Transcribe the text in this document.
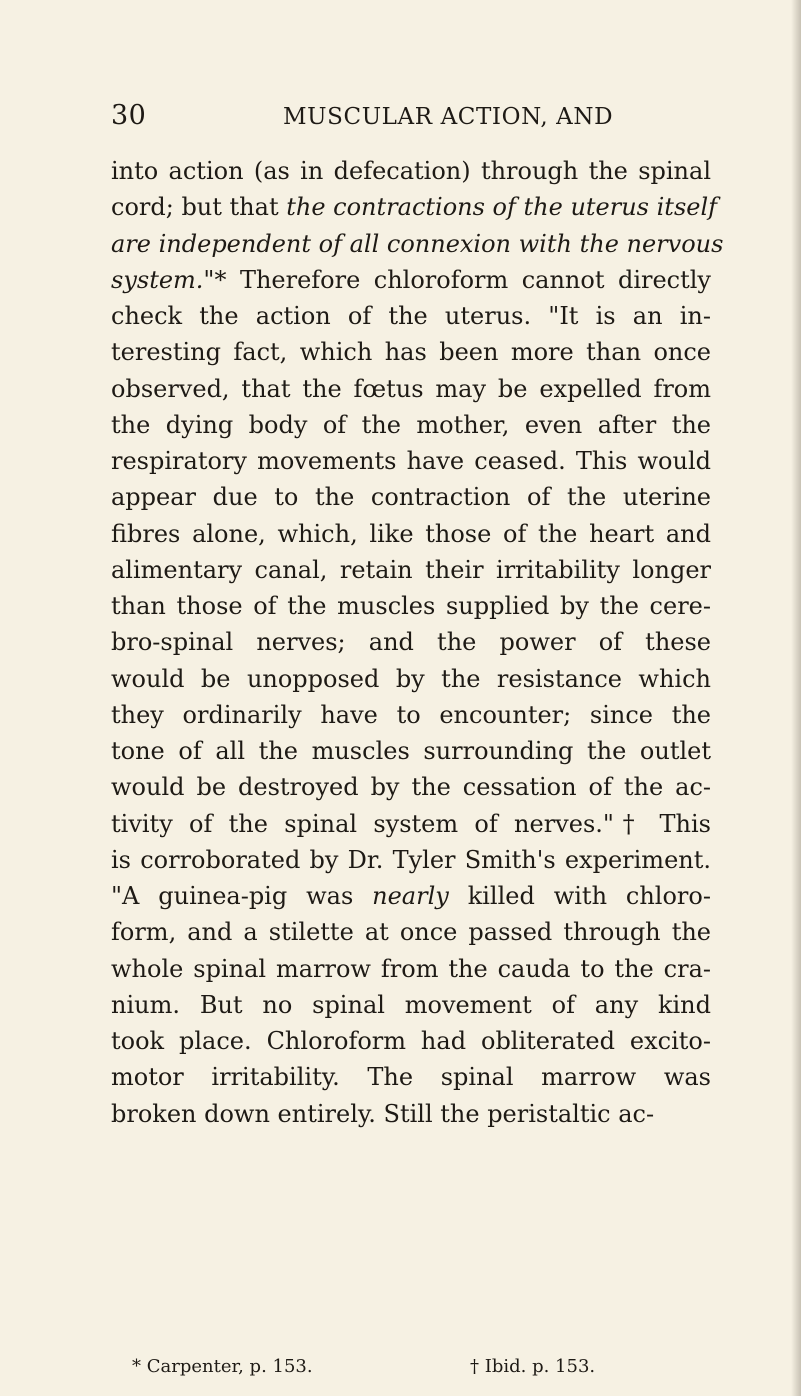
30	MUSCULAR ACTION, AND
into action (as in defecation) through the spinal
cord; but that the contractions of the uterus itself
are independent of all connexion with the nervous
system."* Therefore chloroform cannot directly
check the action of the uterus. "It is an in-
teresting fact, which has been more than once
observed, that the fœtus may be expelled from
the dying body of the mother, even after the
respiratory movements have ceased. This would
appear due to the contraction of the uterine
fibres alone, which, like those of the heart and
alimentary canal, retain their irritability longer
than those of the muscles supplied by the cere-
bro-spinal nerves; and the power of these
would be unopposed by the resistance which
they ordinarily have to encounter; since the
tone of all the muscles surrounding the outlet
would be destroyed by the cessation of the ac-
tivity of the spinal system of nerves."† This
is corroborated by Dr. Tyler Smith's experiment.
"A guinea-pig was nearly killed with chloro-
form, and a stilette at once passed through the
whole spinal marrow from the cauda to the cra-
nium. But no spinal movement of any kind
took place. Chloroform had obliterated excito-
motor irritability. The spinal marrow was
broken down entirely. Still the peristaltic ac-
* Carpenter, p. 153.	† Ibid. p. 153.
